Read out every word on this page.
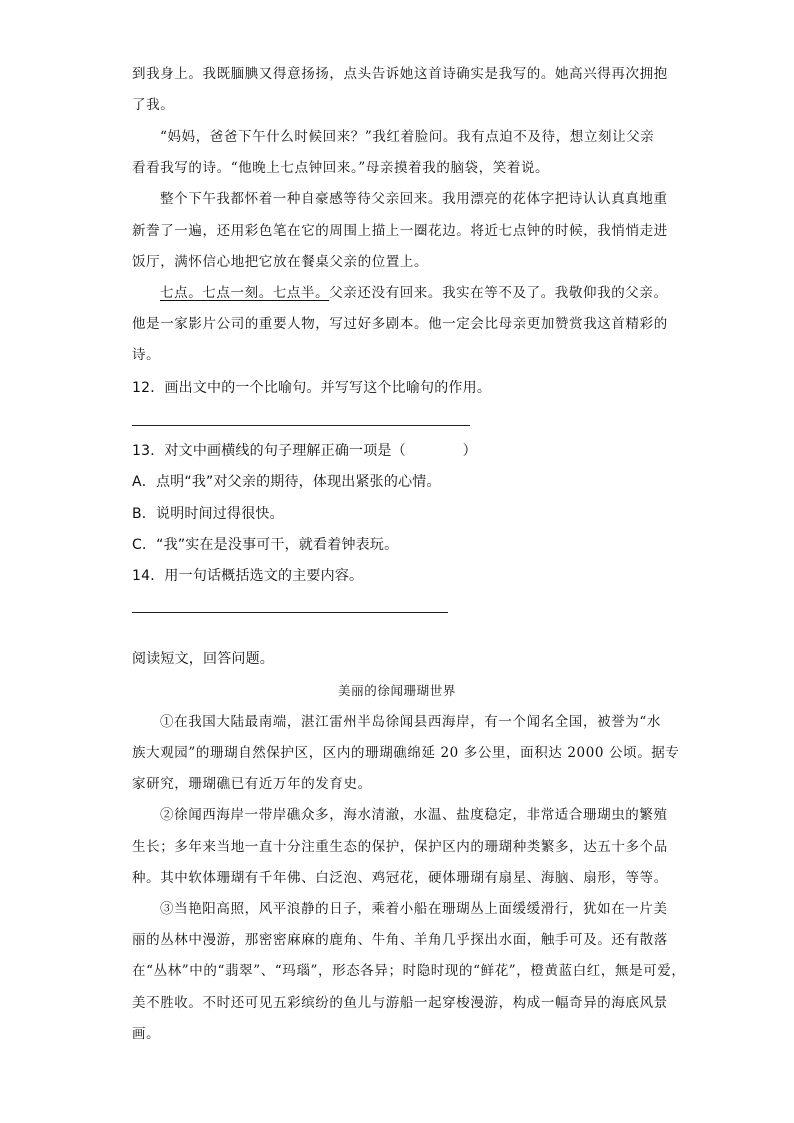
到我身上。我既腼腆又得意扬扬，点头告诉她这首诗确实是我写的。她高兴得再次拥抱
了我。
“妈妈，爸爸下午什么时候回来？”我红着脸问。我有点迫不及待，想立刻让父亲
看看我写的诗。“他晚上七点钟回来。”母亲摸着我的脑袋，笑着说。
整个下午我都怀着一种自豪感等待父亲回来。我用漂亮的花体字把诗认认真真地重
新誊了一遍，还用彩色笔在它的周围上描上一圈花边。将近七点钟的时候，我悄悄走进
饭厅，满怀信心地把它放在餐桌父亲的位置上。
七点。七点一刻。七点半。父亲还没有回来。我实在等不及了。我敬仰我的父亲。
他是一家影片公司的重要人物，写过好多剧本。他一定会比母亲更加赞赏我这首精彩的
诗。
12．画出文中的一个比喻句。并写写这个比喻句的作用。
13．对文中画横线的句子理解正确一项是（　　　　）
A．点明“我”对父亲的期待，体现出紧张的心情。
B．说明时间过得很快。
C．“我”实在是没事可干，就看着钟表玩。
14．用一句话概括选文的主要内容。
阅读短文，回答问题。
美丽的徐闻珊瑚世界
①在我国大陆最南端，湛江雷州半岛徐闻县西海岸，有一个闻名全国，被誉为“水
族大观园”的珊瑚自然保护区，区内的珊瑚礁绵延 20 多公里，面积达 2000 公顷。据专
家研究，珊瑚礁已有近万年的发育史。
②徐闻西海岸一带岸礁众多，海水清澈，水温、盐度稳定，非常适合珊瑚虫的繁殖
生长；多年来当地一直十分注重生态的保护，保护区内的珊瑚种类繁多，达五十多个品
种。其中软体珊瑚有千年佛、白泛泡、鸡冠花，硬体珊瑚有扇星、海脑、扇形，等等。
③当艳阳高照，风平浪静的日子，乘着小船在珊瑚丛上面缓缓滑行，犹如在一片美
丽的丛林中漫游，那密密麻麻的鹿角、牛角、羊角几乎探出水面，触手可及。还有散落
在“丛林”中的“翡翠”、“玛瑙”，形态各异；时隐时现的“鲜花”，橙黄蓝白红，無是可爱，
美不胜收。不时还可见五彩缤纷的鱼儿与游船一起穿梭漫游，构成一幅奇异的海底风景
画。
